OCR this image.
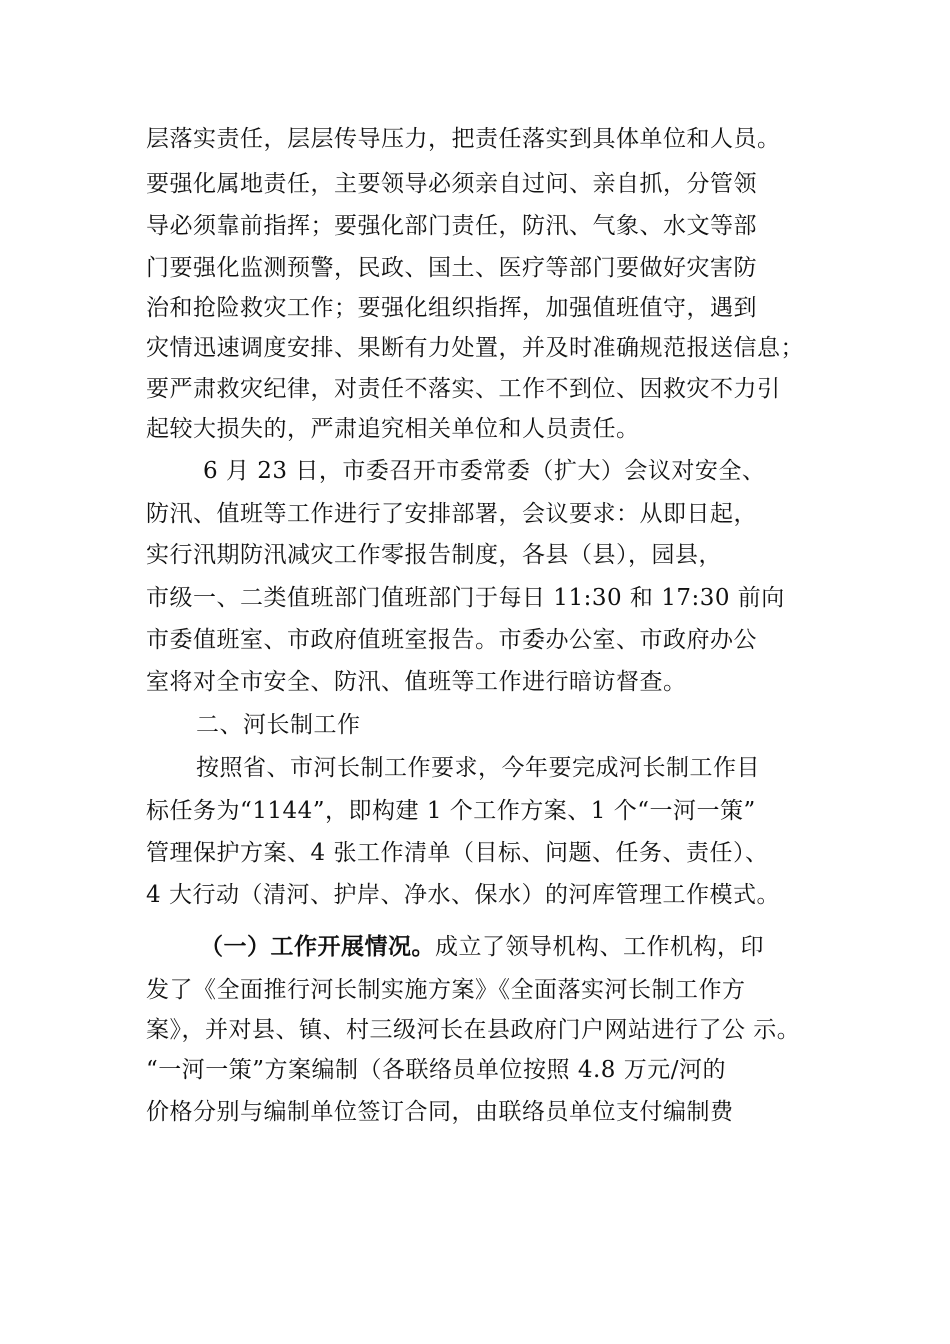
层落实责任，层层传导压力，把责任落实到具体单位和人员。
要强化属地责任，主要领导必须亲自过问、亲自抓，分管领
导必须靠前指挥；要强化部门责任，防汛、气象、水文等部
门要强化监测预警，民政、国土、医疗等部门要做好灾害防
治和抢险救灾工作；要强化组织指挥，加强值班值守，遇到
灾情迅速调度安排、果断有力处置，并及时准确规范报送信息；
要严肃救灾纪律，对责任不落实、工作不到位、因救灾不力引
起较大损失的，严肃追究相关单位和人员责任。
6 月 23 日，市委召开市委常委（扩大）会议对安全、
防汛、值班等工作进行了安排部署，会议要求：从即日起，
实行汛期防汛减灾工作零报告制度，各县（县），园县，
市级一、二类值班部门值班部门于每日 11:30 和 17:30 前向
市委值班室、市政府值班室报告。市委办公室、市政府办公
室将对全市安全、防汛、值班等工作进行暗访督查。
二、河长制工作
按照省、市河长制工作要求，今年要完成河长制工作目
标任务为“1144”，即构建 1 个工作方案、1 个“一河一策”
管理保护方案、4 张工作清单（目标、问题、任务、责任）、
4 大行动（清河、护岸、净水、保水）的河库管理工作模式。
（一）工作开展情况。成立了领导机构、工作机构，印
发了《全面推行河长制实施方案》《全面落实河长制工作方
案》，并对县、镇、村三级河长在县政府门户网站进行了公 示。
“一河一策”方案编制（各联络员单位按照 4.8 万元/河的
价格分别与编制单位签订合同，由联络员单位支付编制费
